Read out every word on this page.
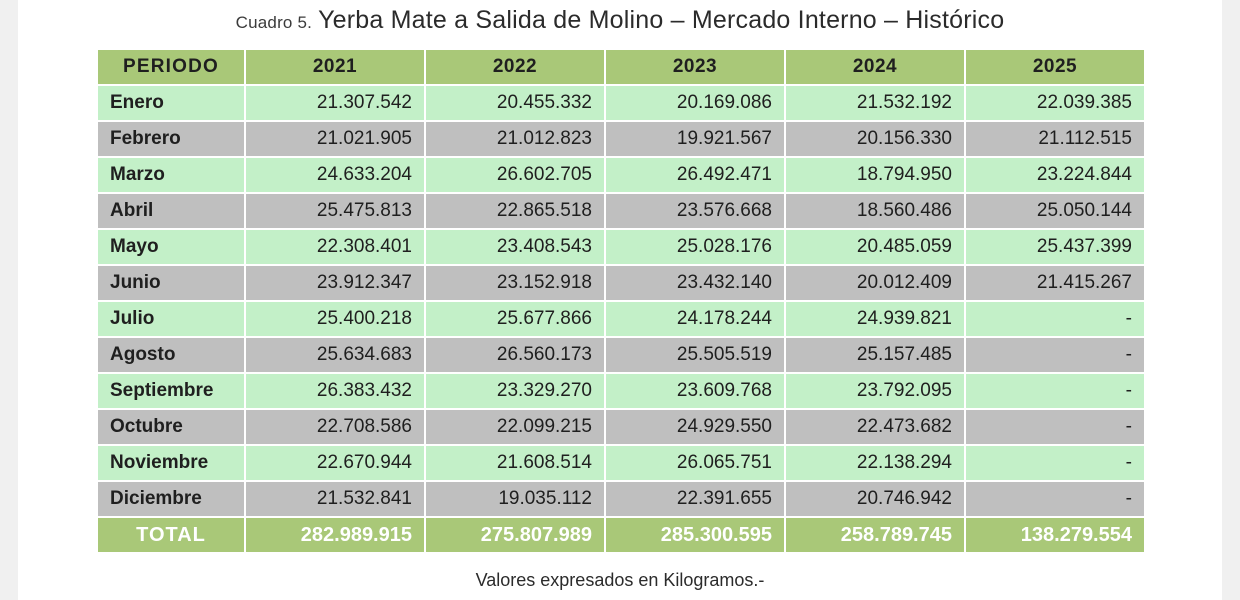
Cuadro 5. Yerba Mate a Salida de Molino – Mercado Interno – Histórico
PERIODO	2021	2022	2023	2024	2025
Enero	21.307.542	20.455.332	20.169.086	21.532.192	22.039.385
Febrero	21.021.905	21.012.823	19.921.567	20.156.330	21.112.515
Marzo	24.633.204	26.602.705	26.492.471	18.794.950	23.224.844
Abril	25.475.813	22.865.518	23.576.668	18.560.486	25.050.144
Mayo	22.308.401	23.408.543	25.028.176	20.485.059	25.437.399
Junio	23.912.347	23.152.918	23.432.140	20.012.409	21.415.267
Julio	25.400.218	25.677.866	24.178.244	24.939.821	-
Agosto	25.634.683	26.560.173	25.505.519	25.157.485	-
Septiembre	26.383.432	23.329.270	23.609.768	23.792.095	-
Octubre	22.708.586	22.099.215	24.929.550	22.473.682	-
Noviembre	22.670.944	21.608.514	26.065.751	22.138.294	-
Diciembre	21.532.841	19.035.112	22.391.655	20.746.942	-
TOTAL	282.989.915	275.807.989	285.300.595	258.789.745	138.279.554
Valores expresados en Kilogramos.-
